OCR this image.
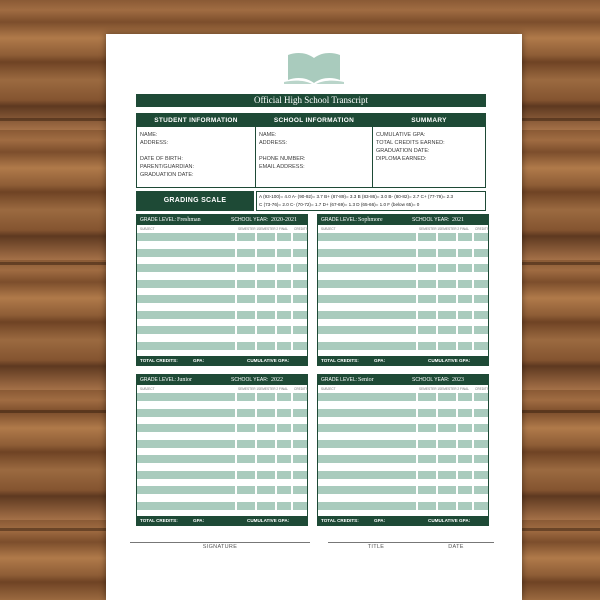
Official High School Transcript
STUDENT INFORMATION
NAME:
ADDRESS:
DATE OF BIRTH:
PARENT/GUARDIAN:
GRADUATION DATE:
SCHOOL INFORMATION
NAME:
ADDRESS:
PHONE NUMBER:
EMAIL ADDRESS:
SUMMARY
CUMULATIVE GPA:
TOTAL CREDITS EARNED:
GRADUATION DATE:
DIPLOMA EARNED:
GRADING SCALE
A (93-100)= 4.0 A- (90-92)= 3.7 B+ (87-89)= 3.3 B (83-86)= 3.0 B- (80-82)= 2.7 C+ (77-79)= 2.3
C (73-76)= 2.0 C- (70-72)= 1.7 D+ (67-69)= 1.3 D (65-66)= 1.0 F (below 65)= 0
GRADE LEVEL: Freshman	SCHOOL YEAR: 2020-2021
SUBJECT	SEMESTER 1 SEMESTER 2 FINAL CREDITS
TOTAL CREDITS:	GPA:	CUMULATIVE GPA:
GRADE LEVEL: Sophmore	SCHOOL YEAR: 2021
SUBJECT	SEMESTER 1 SEMESTER 2 FINAL CREDITS
TOTAL CREDITS:	GPA:	CUMULATIVE GPA:
GRADE LEVEL: Junior	SCHOOL YEAR: 2022
SUBJECT	SEMESTER 1 SEMESTER 2 FINAL CREDITS
TOTAL CREDITS:	GPA:	CUMULATIVE GPA:
GRADE LEVEL: Senior	SCHOOL YEAR: 2023
SUBJECT	SEMESTER 1 SEMESTER 2 FINAL CREDITS
TOTAL CREDITS:	GPA:	CUMULATIVE GPA:
SIGNATURE	TITLE	DATE
